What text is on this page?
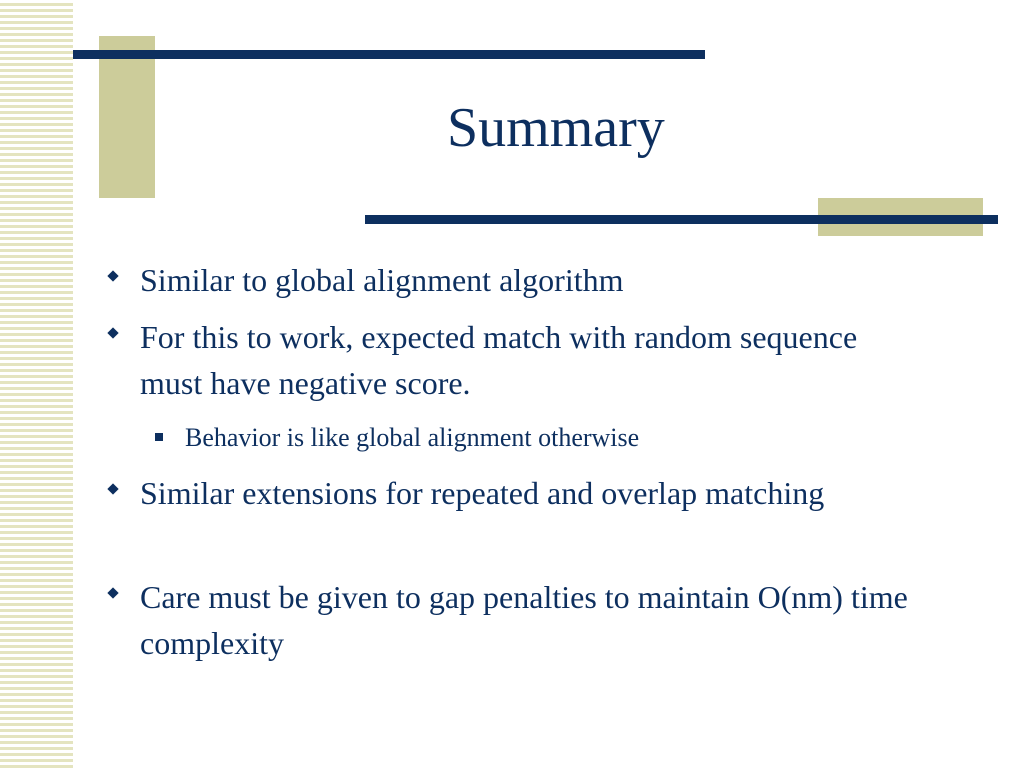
Summary
Similar to global alignment algorithm
For this to work, expected match with random sequence must have negative score.
Behavior is like global alignment otherwise
Similar extensions for repeated and overlap matching
Care must be given to gap penalties to maintain O(nm) time complexity
